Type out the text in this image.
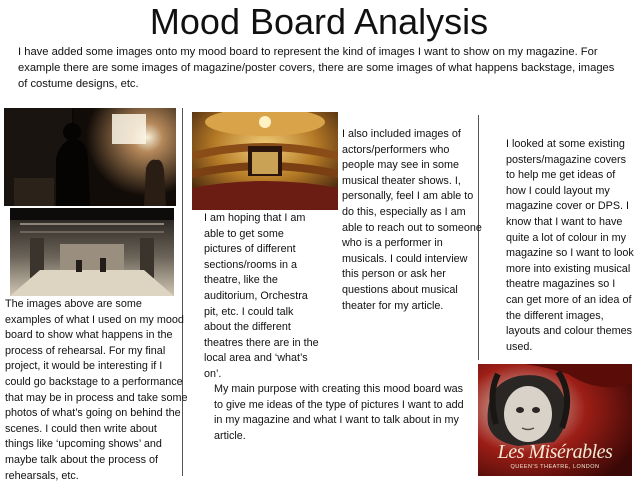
Mood Board Analysis
I have added some images onto my mood board to represent the kind of images I want to show on my magazine. For example there are some images of magazine/poster covers, there are some images of what happens backstage, images of costume designs, etc.
Les Misérables
QUEEN'S THEATRE, LONDON
The images above are some examples of what I used on my mood board to show what happens in the process of rehearsal. For my final project, it would be interesting if I could go backstage to a performance that may be in process and take some photos of what’s going on behind the scenes. I could then write about things like ‘upcoming shows’ and maybe talk about the process of rehearsals, etc.
I am hoping that I am able to get some pictures of different sections/rooms in a theatre, like the auditorium, Orchestra pit, etc. I could talk about the different theatres there are in the local area and ‘what’s on’.
I also included images of actors/performers who people may see in some musical theater shows. I, personally, feel I am able to do this, especially as I am able to reach out to someone who is a performer in musicals. I could interview this person or ask her questions about musical theater for my article.
I looked at some existing posters/magazine covers to help me get ideas of how I could layout my magazine cover or DPS. I know that I want to have quite a lot of colour in my magazine so I want to look more into existing musical theatre magazines so I can get more of an idea of the different images, layouts and colour themes used.
My main purpose with creating this mood board was to give me ideas of the type of pictures I want to add in my magazine and what I want to talk about in my article.
